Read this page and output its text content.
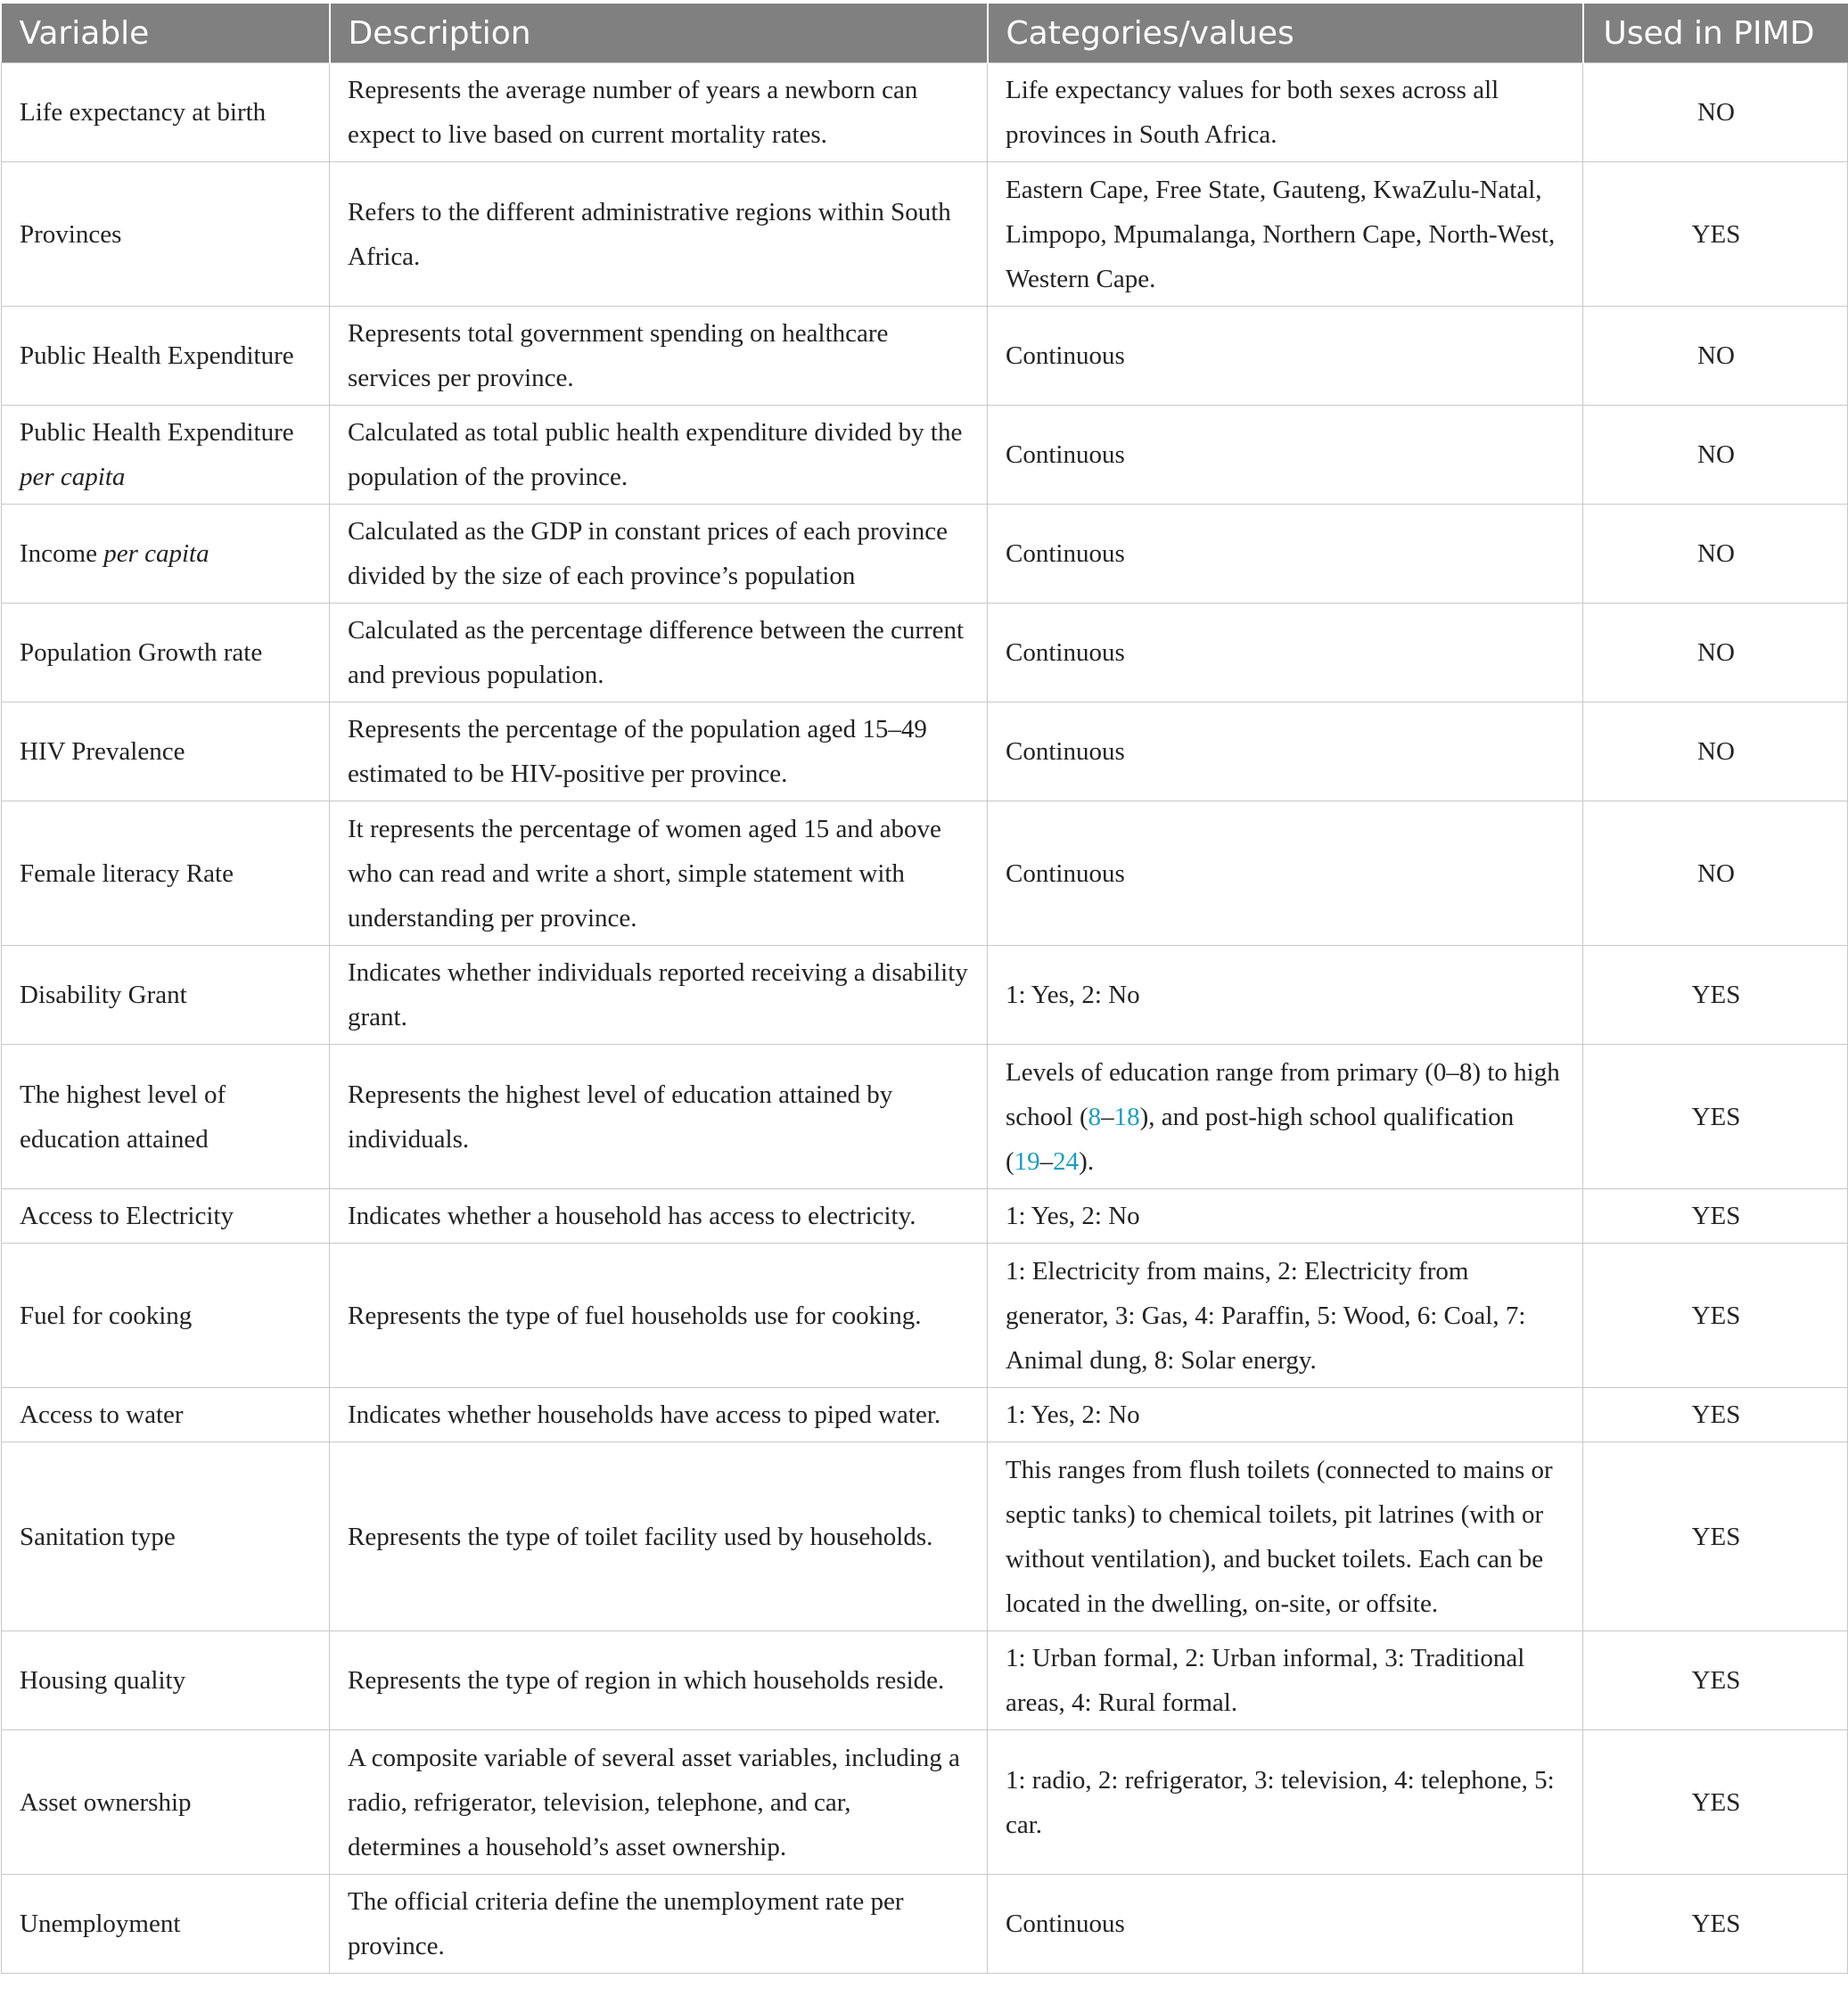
Variable	Description	Categories/values	Used in PIMD
Life expectancy at birth	Represents the average number of years a newborn can expect to live based on current mortality rates.	Life expectancy values for both sexes across all provinces in South Africa.	NO
Provinces	Refers to the different administrative regions within South Africa.	Eastern Cape, Free State, Gauteng, KwaZulu-Natal, Limpopo, Mpumalanga, Northern Cape, North-West, Western Cape.	YES
Public Health Expenditure	Represents total government spending on healthcare services per province.	Continuous	NO
Public Health Expenditure per capita	Calculated as total public health expenditure divided by the population of the province.	Continuous	NO
Income per capita	Calculated as the GDP in constant prices of each province divided by the size of each province’s population	Continuous	NO
Population Growth rate	Calculated as the percentage difference between the current and previous population.	Continuous	NO
HIV Prevalence	Represents the percentage of the population aged 15–49 estimated to be HIV-positive per province.	Continuous	NO
Female literacy Rate	It represents the percentage of women aged 15 and above who can read and write a short, simple statement with understanding per province.	Continuous	NO
Disability Grant	Indicates whether individuals reported receiving a disability grant.	1: Yes, 2: No	YES
The highest level of education attained	Represents the highest level of education attained by individuals.	Levels of education range from primary (0–8) to high school (8–18), and post-high school qualification (19–24).	YES
Access to Electricity	Indicates whether a household has access to electricity.	1: Yes, 2: No	YES
Fuel for cooking	Represents the type of fuel households use for cooking.	1: Electricity from mains, 2: Electricity from generator, 3: Gas, 4: Paraffin, 5: Wood, 6: Coal, 7: Animal dung, 8: Solar energy.	YES
Access to water	Indicates whether households have access to piped water.	1: Yes, 2: No	YES
Sanitation type	Represents the type of toilet facility used by households.	This ranges from flush toilets (connected to mains or septic tanks) to chemical toilets, pit latrines (with or without ventilation), and bucket toilets. Each can be located in the dwelling, on-site, or offsite.	YES
Housing quality	Represents the type of region in which households reside.	1: Urban formal, 2: Urban informal, 3: Traditional areas, 4: Rural formal.	YES
Asset ownership	A composite variable of several asset variables, including a radio, refrigerator, television, telephone, and car, determines a household’s asset ownership.	1: radio, 2: refrigerator, 3: television, 4: telephone, 5: car.	YES
Unemployment	The official criteria define the unemployment rate per province.	Continuous	YES
